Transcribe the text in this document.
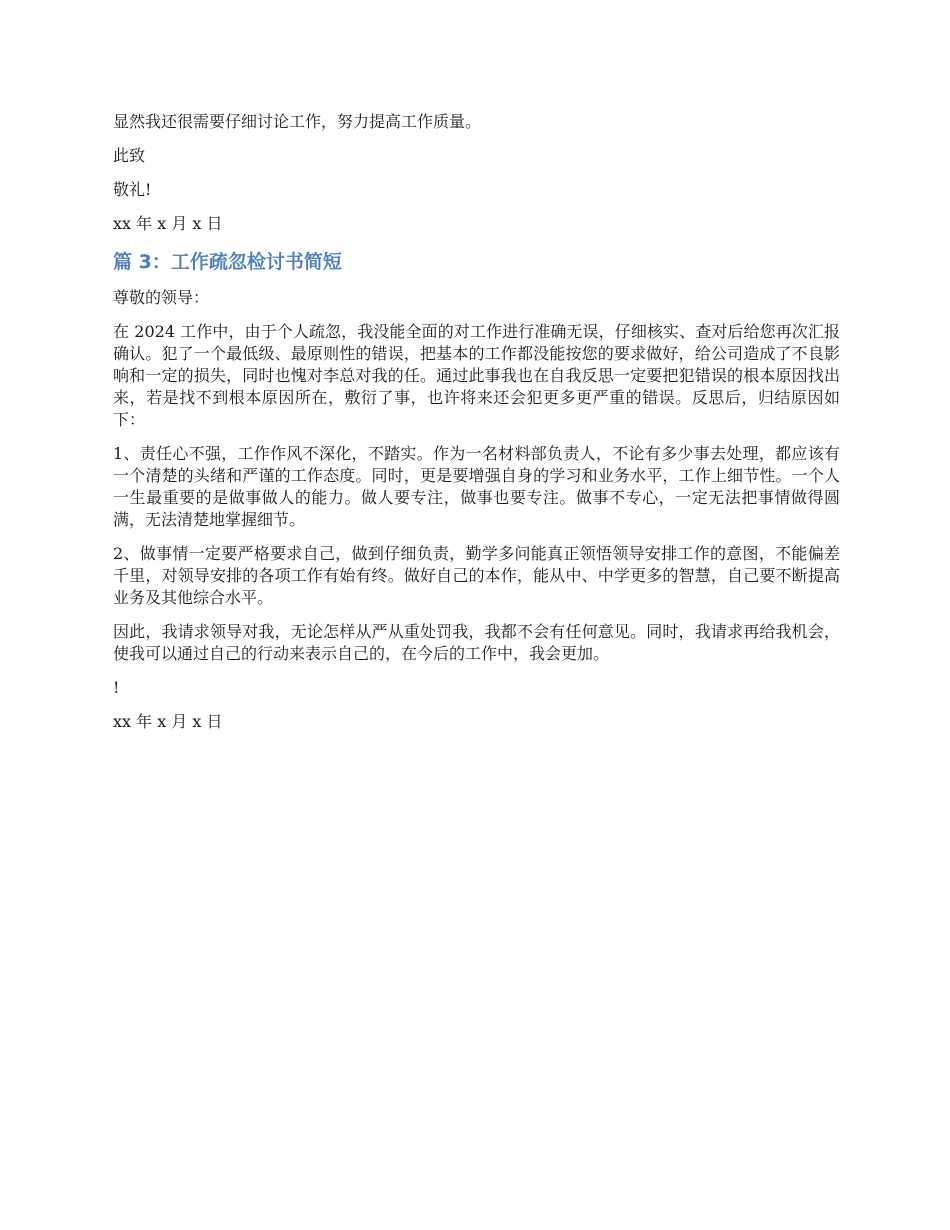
显然我还很需要仔细讨论工作，努力提高工作质量。

此致

敬礼!

xx 年 x 月 x 日

篇 3：工作疏忽检讨书简短

尊敬的领导：

在 2024 工作中，由于个人疏忽，我没能全面的对工作进行准确无误，仔细核实、查对后给您再次汇报确认。犯了一个最低级、最原则性的错误，把基本的工作都没能按您的要求做好，给公司造成了不良影响和一定的损失，同时也愧对李总对我的任。通过此事我也在自我反思一定要把犯错误的根本原因找出来，若是找不到根本原因所在，敷衍了事，也许将来还会犯更多更严重的错误。反思后，归结原因如下：

1、责任心不强，工作作风不深化，不踏实。作为一名材料部负责人，不论有多少事去处理，都应该有一个清楚的头绪和严谨的工作态度。同时，更是要增强自身的学习和业务水平，工作上细节性。一个人一生最重要的是做事做人的能力。做人要专注，做事也要专注。做事不专心，一定无法把事情做得圆满，无法清楚地掌握细节。

2、做事情一定要严格要求自己，做到仔细负责，勤学多问能真正领悟领导安排工作的意图，不能偏差千里，对领导安排的各项工作有始有终。做好自己的本作，能从中、中学更多的智慧，自己要不断提高业务及其他综合水平。

因此，我请求领导对我，无论怎样从严从重处罚我，我都不会有任何意见。同时，我请求再给我机会，使我可以通过自己的行动来表示自己的，在今后的工作中，我会更加。

!

xx 年 x 月 x 日
